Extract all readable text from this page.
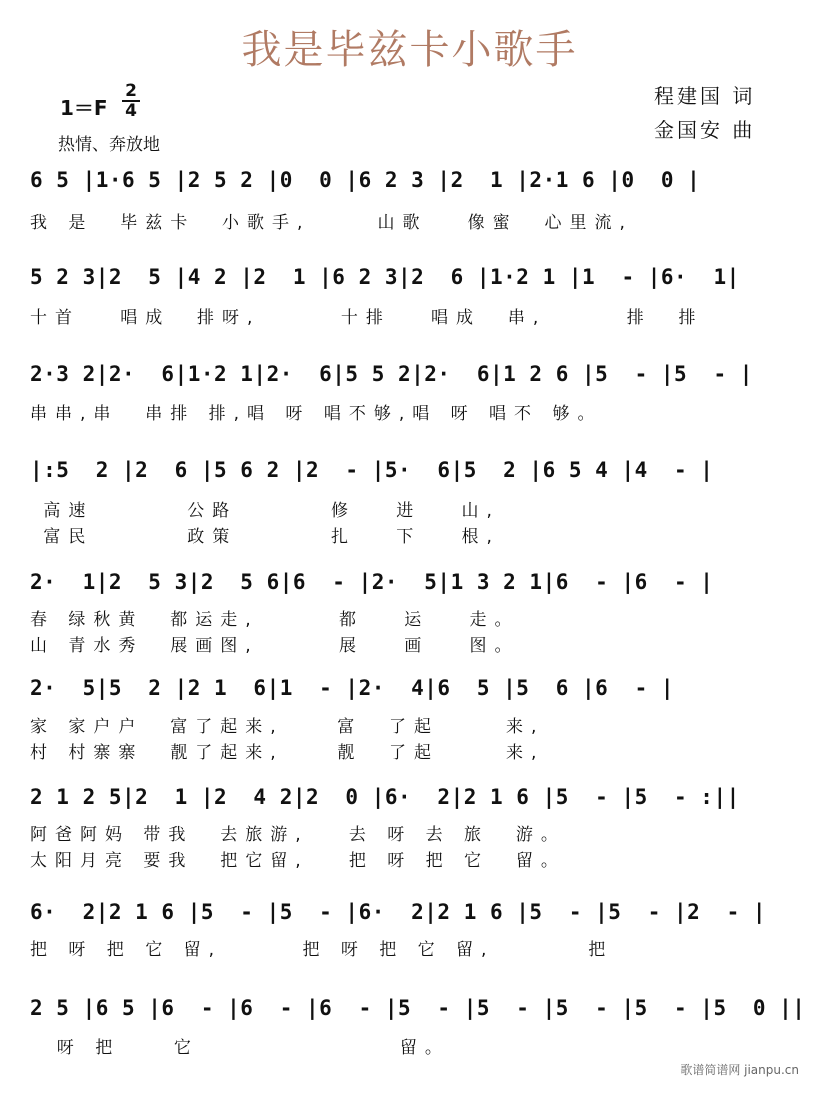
我是毕兹卡小歌手
1＝F
2
4
热情、奔放地
程建国 词
金国安 曲
6 5 |1·6 5 |2 5 2 |0  0 |6 2 3 |2  1 |2·1 6 |0  0 |
我 是  毕兹卡  小歌手,     山歌   像蜜  心里流,
5 2 3|2  5 |4 2 |2  1 |6 2 3|2  6 |1·2 1 |1  - |6·  1|
十首   唱成  排呀,      十排   唱成  串,      排  排
2·3 2|2·  6|1·2 1|2·  6|5 5 2|2·  6|1 2 6 |5  - |5  - |
串串,串  串排 排,唱 呀 唱不够,唱 呀 唱不 够。
|:5  2 |2  6 |5 6 2 |2  - |5·  6|5  2 |6 5 4 |4  - |
高速       公路       修   进   山,
富民       政策       扎   下   根,
2·  1|2  5 3|2  5 6|6  - |2·  5|1 3 2 1|6  - |6  - |
春 绿秋黄  都运走,      都   运   走。
山 青水秀  展画图,      展   画   图。
2·  5|5  2 |2 1  6|1  - |2·  4|6  5 |5  6 |6  - |
家 家户户  富了起来,    富  了起     来,
村 村寨寨  靓了起来,    靓  了起     来,
2 1 2 5|2  1 |2  4 2|2  0 |6·  2|2 1 6 |5  - |5  - :||
阿爸阿妈 带我  去旅游,   去 呀 去 旅  游。
太阳月亮 要我  把它留,   把 呀 把 它  留。
6·  2|2 1 6 |5  - |5  - |6·  2|2 1 6 |5  - |5  - |2  - |
把 呀 把 它 留,      把 呀 把 它 留,       把
2 5 |6 5 |6  - |6  - |6  - |5  - |5  - |5  - |5  - |5  0 ||
呀 把    它               留。
歌谱简谱网 jianpu.cn
